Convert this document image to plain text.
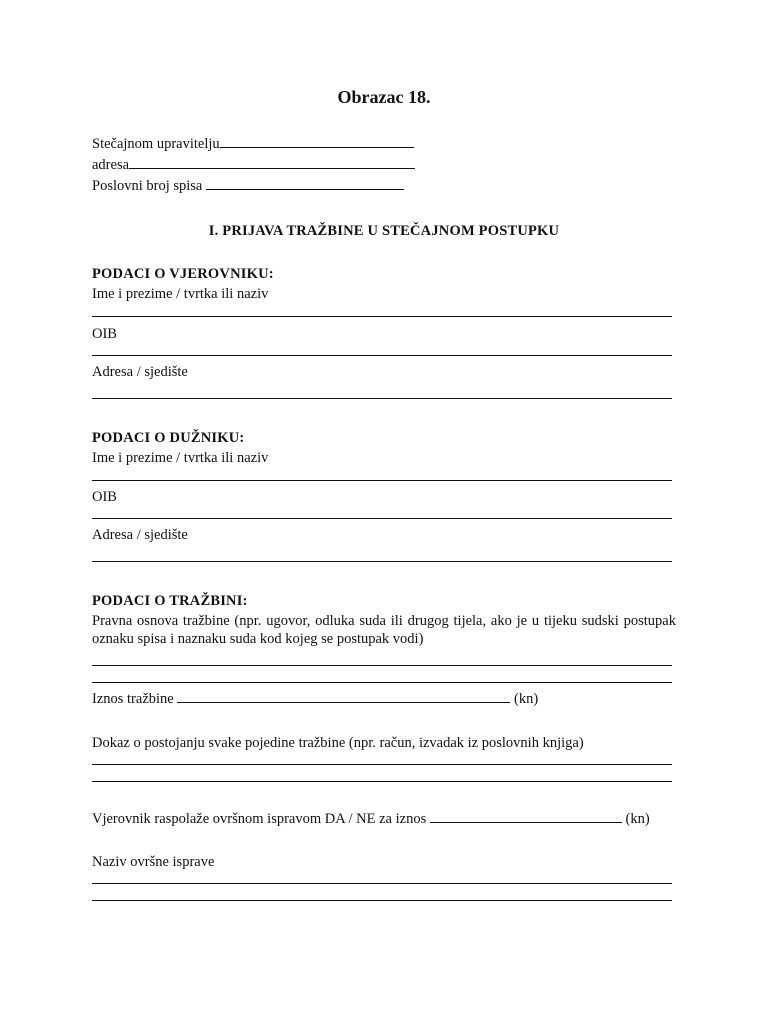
Obrazac 18.
Stečajnom upravitelju
adresa
Poslovni broj spisa
I. PRIJAVA TRAŽBINE U STEČAJNOM POSTUPKU
PODACI O VJEROVNIKU:
Ime i prezime / tvrtka ili naziv
OIB
Adresa / sjedište
PODACI O DUŽNIKU:
Ime i prezime / tvrtka ili naziv
OIB
Adresa / sjedište
PODACI O TRAŽBINI:
Pravna osnova tražbine (npr. ugovor, odluka suda ili drugog tijela, ako je u tijeku sudski postupak oznaku spisa i naznaku suda kod kojeg se postupak vodi)
Iznos tražbine	(kn)
Dokaz o postojanju svake pojedine tražbine (npr. račun, izvadak iz poslovnih knjiga)
Vjerovnik raspolaže ovršnom ispravom DA / NE za iznos	(kn)
Naziv ovršne isprave
